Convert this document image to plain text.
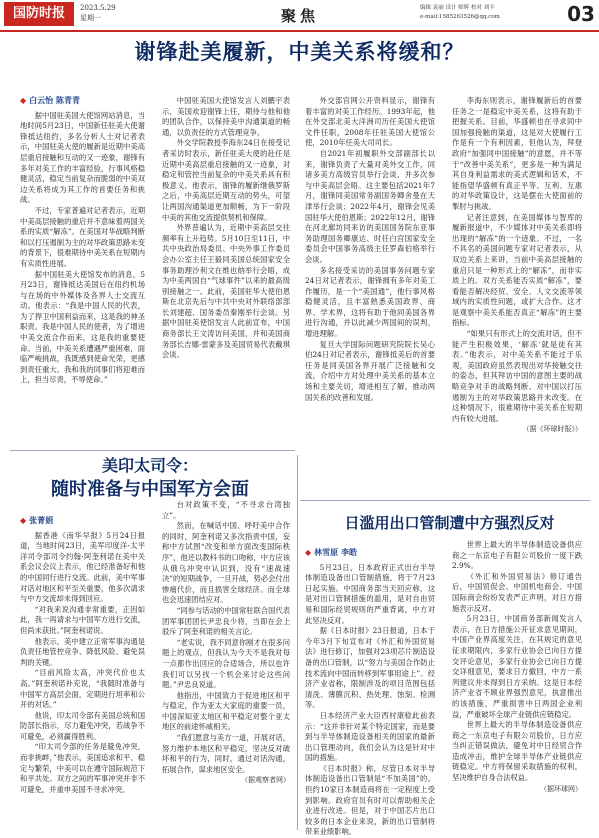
国防时报	2023.5.29
星期一	聚焦	编辑 袁丽 设计 师辉 校对 刘丰
e-mail:1585263526@qq.com	03
谢锋赴美履新，中美关系将缓和？
◆ 白云怡 陈青青

据中国驻美国大使馆网站消息，当地时间5月23日，中国新任驻美大使谢锋抵达纽约，多名分析人士对记者表示，中国驻美大使的履新是近期中美高层重启接触和互动的又一迹象，谢锋有多年对美工作的丰富经验，行事风格稳健灵活，稳定当前复杂而脆弱的中美双边关系将成为其工作的首要任务和挑战。

不过，专家普遍对记者表示，近期中美高层接触的重启并不意味着两国关系的实质“解冻”。在美国对华战略判断和以打压遏制为主的对华政策思路未变的背景下，很难期待中美关系在短期内有实质性进展。

据中国驻美大使馆发布的消息，5月23日，谢锋抵达美国后在纽约机场与在场的中外媒体及各界人士交流互动。他表示：“我是中国人民的代表，为了捍卫中国利益而来，这是我的神圣职责。我是中国人民的使者，为了增进中美交流合作而来，这是我的重要使命。当前，中美关系遭遇严重困难，面临严峻挑战，我既感到使命光荣，更感到责任重大。我和我的同事们将迎难而上，担当尽责，不辱使命。”

中国驻美国大使馆发言人刘鹏宇表示，美国欢迎谢锋上任，期待与他和他的团队合作，以保持美中沟通渠道的畅通，以负责任的方式管理竞争。

外交学院教授李海东24日在接受记者采访时表示，新任驻美大使的赴任是近期中美高层重启接触的又一迹象，对稳定和管控当前复杂的中美关系具有积极意义。他表示，谢锋的履新继俄罗斯之后，中美高层近期互动的势头，可望让两国沟通渠道更加顺畅，为下一阶段中美的其他交流提供契机和保障。

外界普遍认为，近期中美高层交往频率有上升趋势。5月10日至11日，中共中央政治局委员、中央外事工作委员会办公室主任王毅同美国总统国家安全事务助理沙利文在维也纳举行会晤，成为中美两国自“气球事件”以来的最高级别接触之一。此前，美国驻华大使伯恩斯在北京先后与中共中央对外联络部部长刘建超、国务委员秦刚举行会谈。另据中国驻美使馆发言人此前宣布，中国商务部长王文涛访问美国，并和美国商务部长吉娜·雷蒙多及美国贸易代表戴琪会谈。

外交部官网公开资料显示，谢锋有着丰富的对美工作经历。1993年起，他在外交部北美大洋洲司历任美国大使馆文件任职，2008年任驻美国大使馆公使，2010年任美大司司长。

自2021年初履职外交部副部长以来，谢锋负责了大量对美外交工作，同诸多美方高级官员举行会谈，并多次参与中美高层会晤。这主要包括2021年7月，谢锋同美国常务副国务卿舍曼在天津举行会谈；2022年4月，谢锋会见美国驻华大使伯恩斯；2022年12月，谢锋在河北廊坊同来访的美国国务院东亚事务助理国务卿康达、时任白宫国家安全委员会中国事务高级主任罗森伯格举行会谈。

多名接受采访的美国事务问题专家24日对记者表示，谢锋拥有多年对美工作履历，是一个“美国通”，他行事风格稳健灵活，且丰富熟悉美国政界、商界、学术界，这将有助于他同美国各界进行沟通，并以此减少两国间的误判，增进理解。

复旦大学国际问题研究院院长吴心伯24日对记者表示，谢锋抵美后的首要任务是同美国各界开展广泛接触和交流，介绍中方对处理中美关系的基本立场和主要关切，增进相互了解，推动两国关系的改善和发展。

李海东则表示，谢锋履新后的首要任务之一是稳定中美关系，这将有助于把握关系。目前，华盛顿也在寻求同中国加强接触的渠道，这是对大使履行工作是有一个有利因素，但他认为，拜登政府“加强同中国接触”的意愿，并不等于“改善中美关系”，更多是一种为满足其自身利益需求的美式逻辑和话术，不能指望华盛顿有真正平等、互利、互惠的对华政策设计，这是摆在大使面前的掣肘与挑战。

记者注意到，在美国媒体与智库的履新报道中，不少媒体对中美关系即将出现的“解冻”的一个迹象。不过，一名不具名的美国问题专家对记者表示，从双边关系上来讲，当前中美高层接触的重启只是一种形式上的“解冻”，而非实质上的。双方关系能否实质“解冻”，要看能否解决经贸、安全、人文交流等领域内的实质性问题，或扩大合作。这才是观察中美关系能否真正“解冻”的主要指标。

“如果只有形式上的交流对话，但不能产生积极效果，‘解冻’就是徒有其表。”他表示，对中美关系不能过于乐观，美国政府虽然表现出对华接触交往的姿态，但其拜访中国的意图主要的战略竞争对手的战略判断、对中国以打压遏制为主的对华政策思路并未改变。在这种情况下，很难期待中美关系在短期内有较大进展。

（据《环球时报》）

美印太司令：
随时准备与中国军方会面
◆ 张菁娟

据香港《南华早报》5月24日报道，当地时间23日，美军印度洋-太平洋司令部司令约翰·阿奎利诺在美中关系会议会议上表示，他已经准备好和他的中国同行进行交流。此前，美中军事对话对地区和平至关重要，他多次请求与中方交流却未得到回应。

“对我来说沟通非常重要，正因如此，我一再请求与中国军方进行交流，但尚未获批。”阿奎利诺说。

他表示，美中建立正常军事沟通是负责任地管控竞争、降低风险、避免误判的关键。

“目前风险太高，冲突代价也太高。”阿奎利诺补充说，“我随时准备与中国军方高层会面，定期进行坦率和公开的对话。”

他说，印太司令部有美国总统和国防部长指示，尽力避免冲突，若战争不可避免，必须赢得胜利。

“印太司令部的任务是避免冲突，而非挑衅，”他表示，美国追求和平、稳定与繁荣，中美可以在遵守国际规范下和平共处。双方之间的军事冲突并非不可避免，并重申美国不寻求冲突。

台对政策不变，“不寻求台湾独立”。

然而，在喊话中国、呼吁美中合作的同时，阿奎利诺又多次指责中国，妄称中方试图“改变和单方面改变国际秩序”，他还以教科书的口吻称，中方应该从俄乌冲突中认识到，没有“速战速决”的短期战争，一旦开战，势必会付出惨痛代价，而且损害全球经济。而全球也会迅速团结应对。

“同参与话动的中国常驻联合国代表团军事团团长尹忠良少将，当即在会上驳斥了阿奎利诺的相关言论。

“老实说，我不同意你刚才在很多问题上的观点，但我认为今天不是我对每一点都作出回应的合适场合，所以也许我们可以另找一个机会来讨论这些问题。”尹忠良说道。

他指出，中国致力于促进地区和平与稳定，作为亚太大家庭的重要一员，中国深知亚太地区和平稳定对整个亚太地区的前途怀威相关。

“我们愿意与美方一道，开展对话，努力维护本地区和平稳定，坚决反对破坏和平的行为，同时，通过对话沟通，拓展合作，谋求地区安全。

（据观察者网）

日滥用出口管制遭中方强烈反对
◆ 林雪原 李皓

5月23日，日本政府正式出台半导体制造设备出口管制措施，将于7月23日起实施。中国商务部当天回应称，这是对出口管制措施的滥用，是对自由贸易和国际经贸规则的严重背离，中方对此坚决反对。

据《日本时报》23日报道，日本于今年3月下旬宣布对《外汇和外国贸易法》进行修订，加强对23项芯片制造设备的出口管制，以“努力与美国合作防止技术流向中国而转移到军事用途上”。经济产业省称，限制涉及的项目范围包括清洗、薄膜沉积、热处理、蚀刻、检测等。

日本经济产业大臣西村康稔此前表示：“这并非针对某个特定国家，而是要到与半导体制造设备相关的国家的最新出口管理动向，我们会认为这是针对中国的措施。

《日本时报》称，尽管日本对半导体制造设备出口管制是“不加美国”的。但约10家日本制造商将在一定程度上受到影响。政府官员有时可以帮助相关企业进行改进。但是，对于中国芯片出口较多的日本企业来说，新的出口管制将带来业绩影响。

世界上最大的半导体制造设备供应商之一东京电子有限公司股价一度下跌2.9%。

《外汇和外国贸易法》修订通告后，中国贸促会、中国机电商会、中国国际商会纷纷发表严正声明，对日方措施表示反对。

5月23日，中国商务部新闻发言人表示，在日方措施公开征求意见期间，中国产业界高度关注，在其规定的意见征求期限内，多家行业协会已向日方提交评论意见，多家行业协会已向日方提交详细意见，要求日方撤回，中方一系列建议并未得到日方采纳。这是日本经济产业省不顾业界强烈意见，执意推出的该措施，严重损害中日两国企业利益，严重破坏全球产业链供应链稳定。

世界上最大的半导体制造设备供应商之一东京电子有限公司股价，日方应当纠正错误做法，避免对中日经贸合作造成冲击，维护全球半导体产业链供应链稳定。中方将保留采取措施的权利，坚决维护自身合法权益。

（据环球网）
